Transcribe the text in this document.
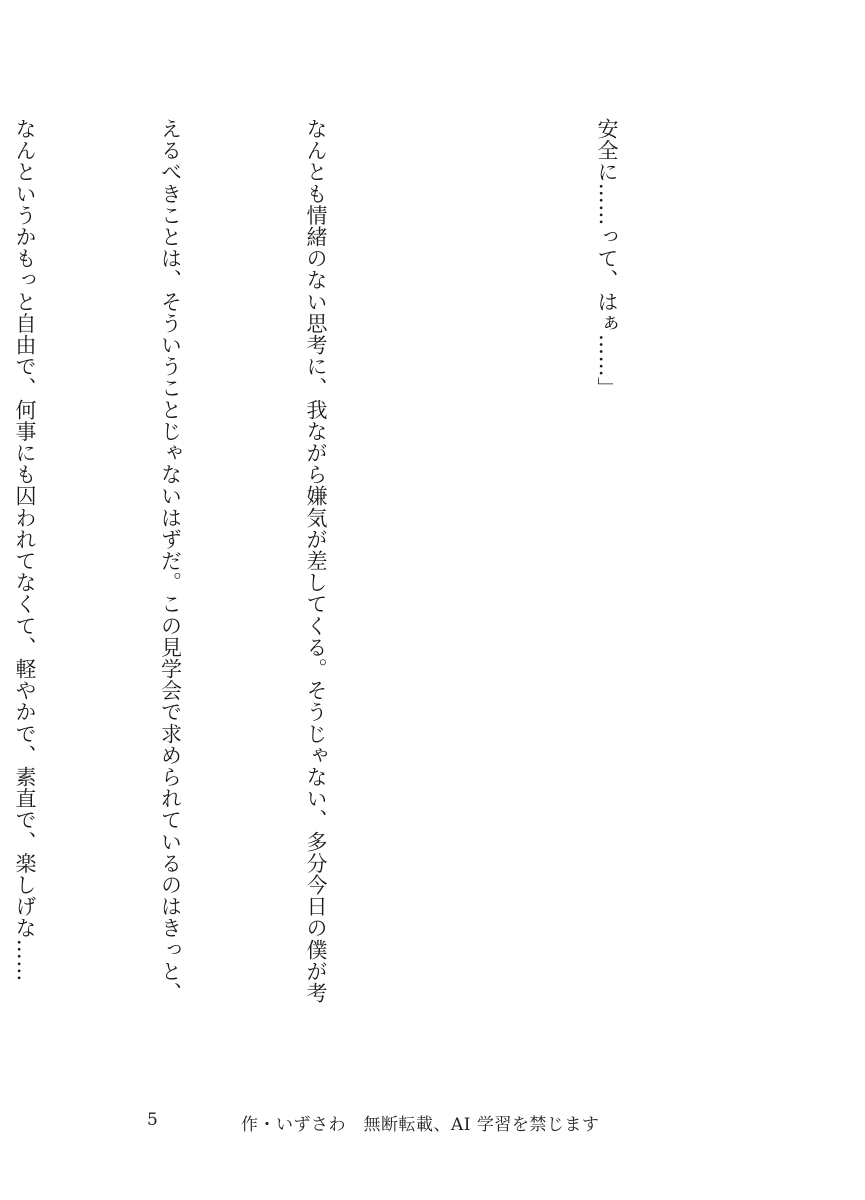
安全に……って、はぁ……」

なんとも情緒のない思考に、我ながら嫌気が差してくる。そうじゃない、多分今日の僕が考

えるべきことは、そういうことじゃないはずだ。この見学会で求められているのはきっと、

なんというかもっと自由で、何事にも囚われてなくて、軽やかで、素直で、楽しげな……

5	作・いずさわ　無断転載、AI 学習を禁じます
